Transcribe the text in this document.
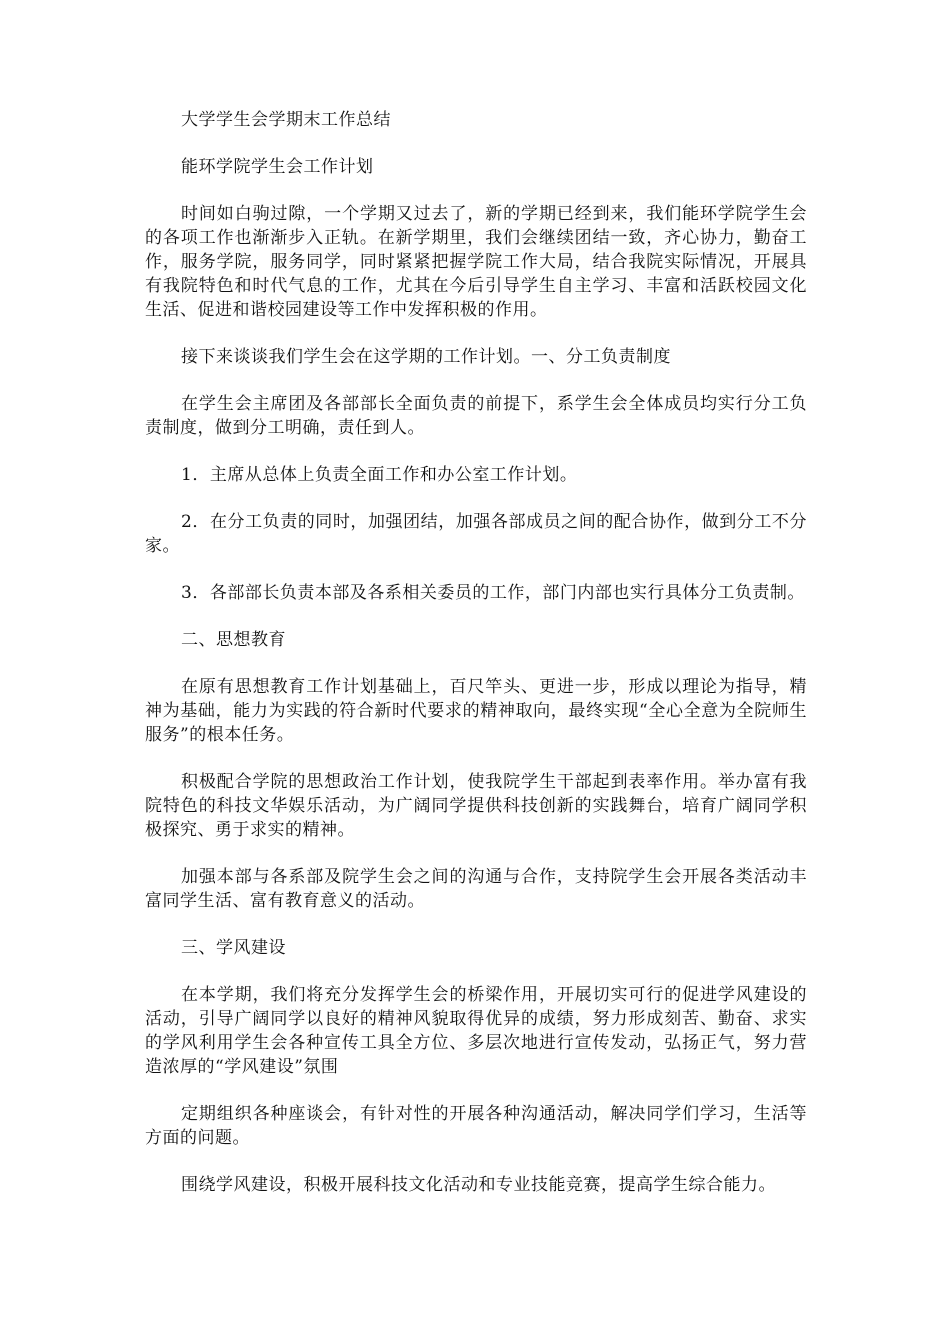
大学学生会学期末工作总结

能环学院学生会工作计划

时间如白驹过隙，一个学期又过去了，新的学期已经到来，我们能环学院学生会的各项工作也渐渐步入正轨。在新学期里，我们会继续团结一致，齐心协力，勤奋工作，服务学院，服务同学，同时紧紧把握学院工作大局，结合我院实际情况，开展具有我院特色和时代气息的工作，尤其在今后引导学生自主学习、丰富和活跃校园文化生活、促进和谐校园建设等工作中发挥积极的作用。

接下来谈谈我们学生会在这学期的工作计划。一、分工负责制度

在学生会主席团及各部部长全面负责的前提下，系学生会全体成员均实行分工负责制度，做到分工明确，责任到人。

1．主席从总体上负责全面工作和办公室工作计划。

2．在分工负责的同时，加强团结，加强各部成员之间的配合协作，做到分工不分家。

3．各部部长负责本部及各系相关委员的工作，部门内部也实行具体分工负责制。

二、思想教育

在原有思想教育工作计划基础上，百尺竿头、更进一步，形成以理论为指导，精神为基础，能力为实践的符合新时代要求的精神取向，最终实现“全心全意为全院师生服务”的根本任务。

积极配合学院的思想政治工作计划，使我院学生干部起到表率作用。举办富有我院特色的科技文华娱乐活动，为广阔同学提供科技创新的实践舞台，培育广阔同学积极探究、勇于求实的精神。

加强本部与各系部及院学生会之间的沟通与合作，支持院学生会开展各类活动丰富同学生活、富有教育意义的活动。

三、学风建设

在本学期，我们将充分发挥学生会的桥梁作用，开展切实可行的促进学风建设的活动，引导广阔同学以良好的精神风貌取得优异的成绩，努力形成刻苦、勤奋、求实的学风利用学生会各种宣传工具全方位、多层次地进行宣传发动，弘扬正气，努力营造浓厚的“学风建设”氛围

定期组织各种座谈会，有针对性的开展各种沟通活动，解决同学们学习，生活等方面的问题。

围绕学风建设，积极开展科技文化活动和专业技能竞赛，提高学生综合能力。
